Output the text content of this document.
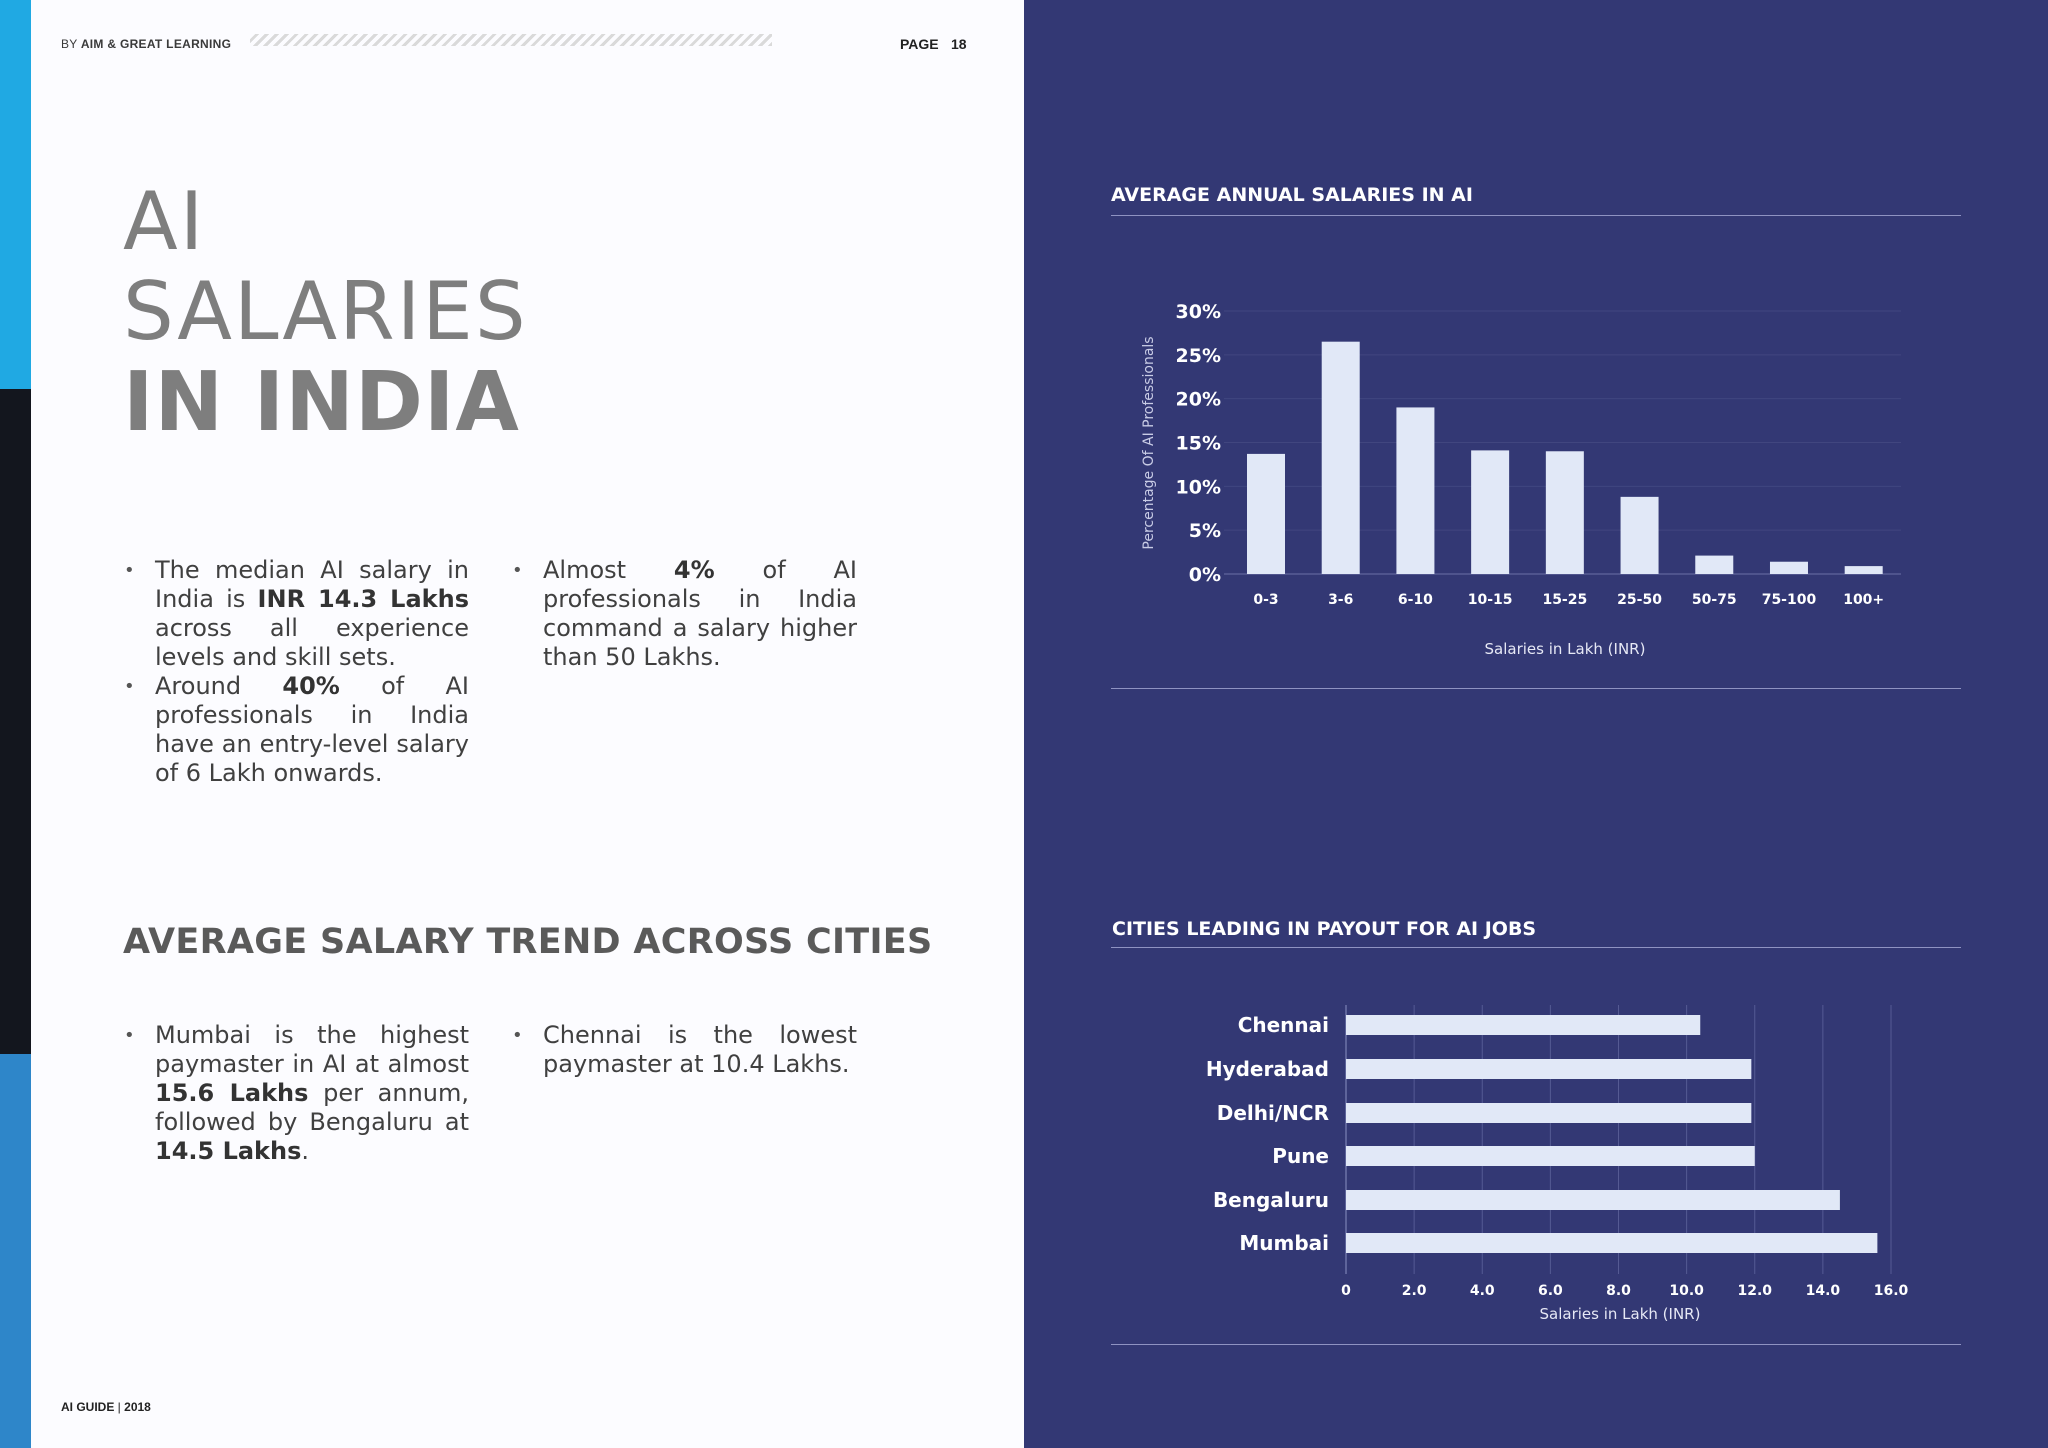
BY AIM & GREAT LEARNING	PAGE 18
AI
SALARIES
IN INDIA
• The median AI salary in India is INR 14.3 Lakhs across all experience levels and skill sets.
• Around 40% of AI professionals in India have an entry-level salary of 6 Lakh onwards.
• Almost 4% of AI professionals in India command a salary higher than 50 Lakhs.
AVERAGE SALARY TREND ACROSS CITIES
• Mumbai is the highest paymaster in AI at almost 15.6 Lakhs per annum, followed by Bengaluru at 14.5 Lakhs.
• Chennai is the lowest paymaster at 10.4 Lakhs.
AI GUIDE | 2018
AVERAGE ANNUAL SALARIES IN AI
0%
5%
10%
15%
20%
25%
30%
0-3	3-6	6-10 10-15 15-25 25-50 50-75 75-100 100+
Salaries in Lakh (INR)
Percentage Of AI Professionals
CITIES LEADING IN PAYOUT FOR AI JOBS
0	2.0	4.0	6.0	8.0	10.0 12.0 14.0 16.0
Chennai
Hyderabad
Delhi/NCR
Pune
Bengaluru
Mumbai
Salaries in Lakh (INR)
